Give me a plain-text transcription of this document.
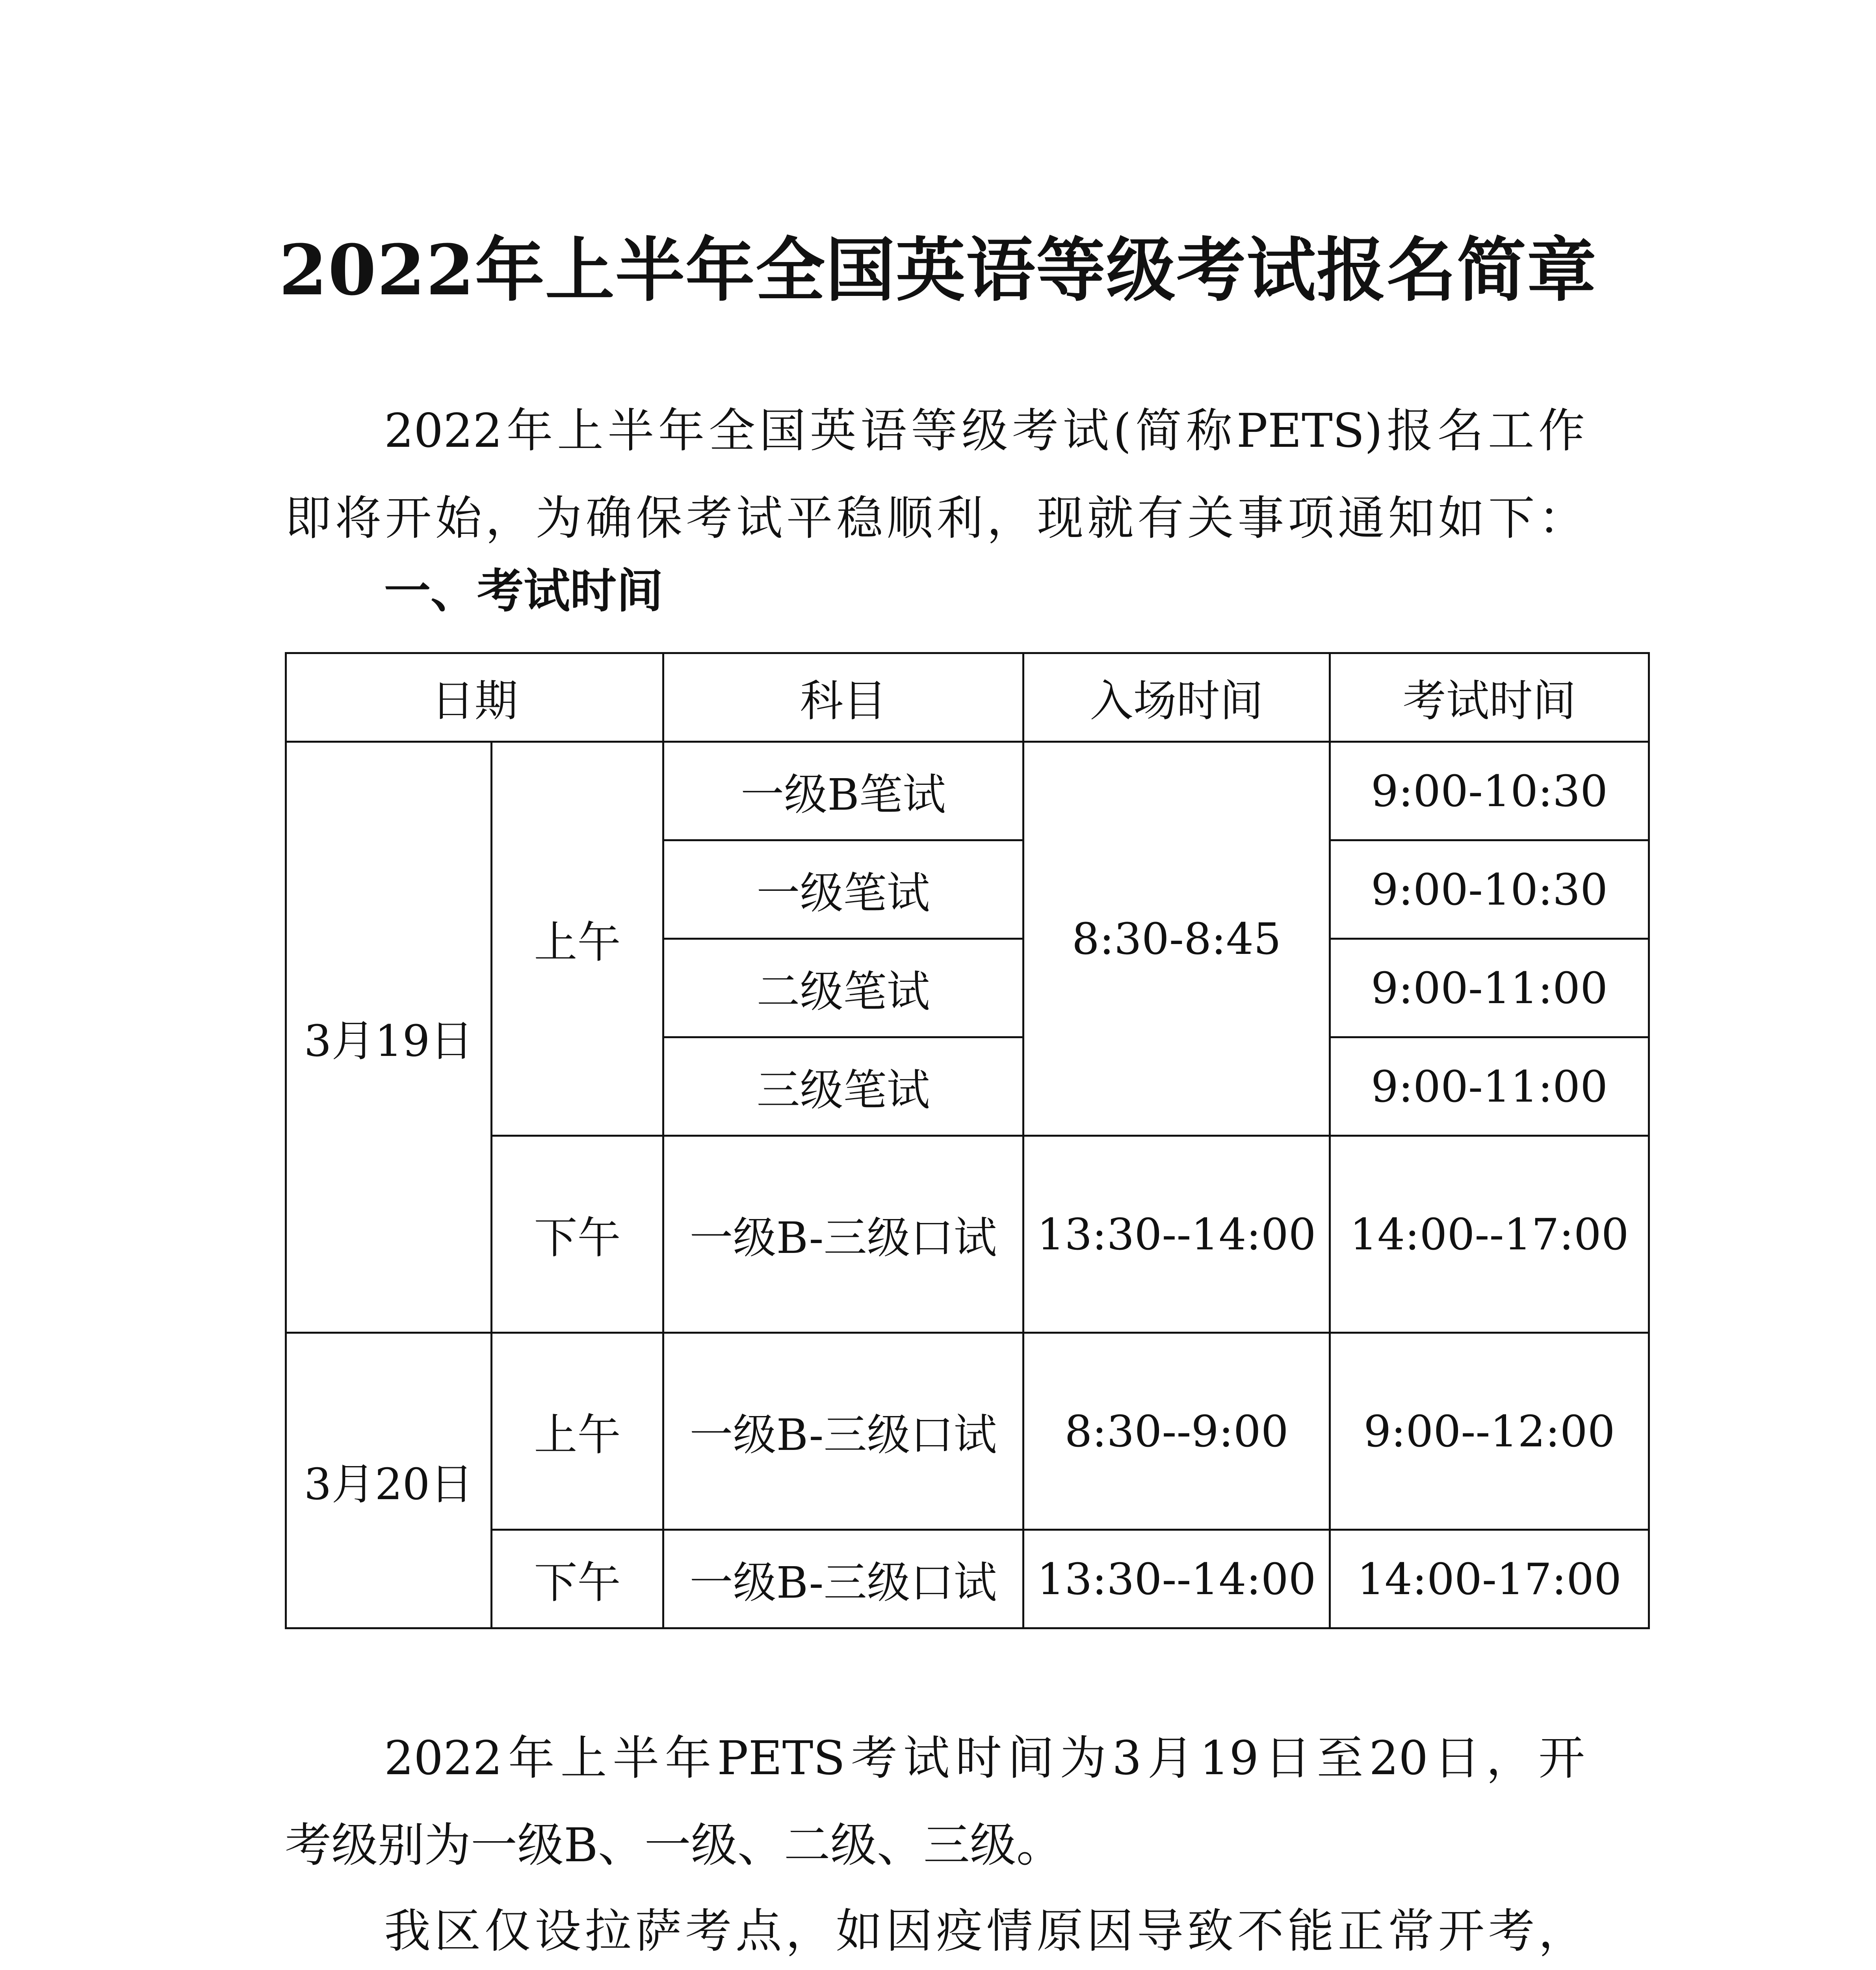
2022年上半年全国英语等级考试报名简章
2022年上半年全国英语等级考试(简称PETS)报名工作
即将开始，为确保考试平稳顺利，现就有关事项通知如下：
一、考试时间
日期		科目	入场时间	考试时间
3月19日	上午	一级B笔试	8:30-8:45	9:00-10:30
		一级笔试		9:00-10:30
		二级笔试		9:00-11:00
		三级笔试		9:00-11:00
	下午	一级B-三级口试	13:30--14:00	14:00--17:00
3月20日	上午	一级B-三级口试	8:30--9:00	9:00--12:00
	下午	一级B-三级口试	13:30--14:00	14:00-17:00
2022年上半年PETS考试时间为3月19日至20日，开
考级别为一级B、一级、二级、三级。
我区仅设拉萨考点，如因疫情原因导致不能正常开考，
